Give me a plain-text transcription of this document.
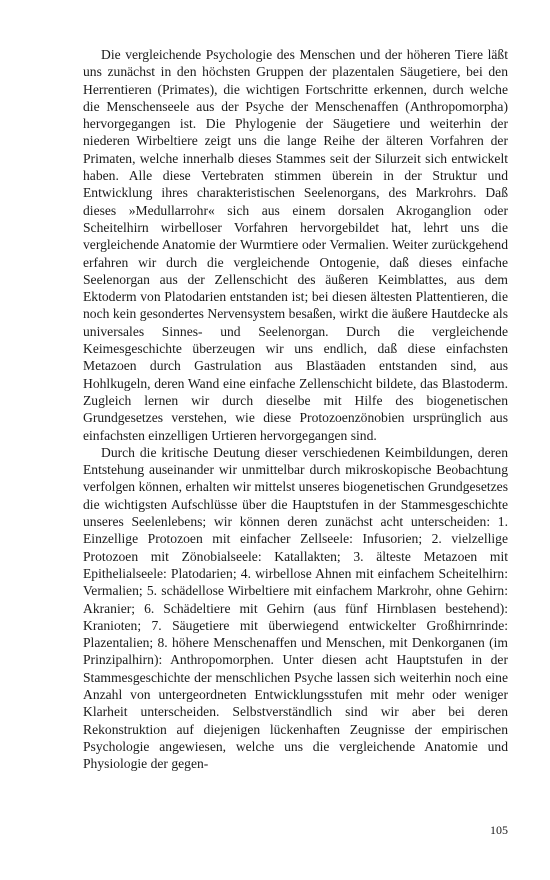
Die vergleichende Psychologie des Menschen und der höheren Tiere läßt uns zunächst in den höchsten Gruppen der plazentalen Säugetiere, bei den Herrentieren (Primates), die wichtigen Fortschritte erkennen, durch welche die Menschenseele aus der Psyche der Menschenaffen (Anthropomorpha) hervorgegangen ist. Die Phylogenie der Säugetiere und weiterhin der niederen Wirbeltiere zeigt uns die lange Reihe der älteren Vorfahren der Primaten, welche innerhalb dieses Stammes seit der Silurzeit sich entwickelt haben. Alle diese Vertebraten stimmen überein in der Struktur und Entwicklung ihres charakteristischen Seelenorgans, des Markrohrs. Daß dieses »Medullarrohr« sich aus einem dorsalen Akroganglion oder Scheitelhirn wirbelloser Vorfahren hervorgebildet hat, lehrt uns die vergleichende Anatomie der Wurmtiere oder Vermalien. Weiter zurückgehend erfahren wir durch die vergleichende Ontogenie, daß dieses einfache Seelenorgan aus der Zellenschicht des äußeren Keimblattes, aus dem Ektoderm von Platodarien entstanden ist; bei diesen ältesten Plattentieren, die noch kein gesondertes Nervensystem besaßen, wirkt die äußere Hautdecke als universales Sinnes- und Seelenorgan. Durch die vergleichende Keimesgeschichte überzeugen wir uns endlich, daß diese einfachsten Metazoen durch Gastrulation aus Blastäaden entstanden sind, aus Hohlkugeln, deren Wand eine einfache Zellenschicht bildete, das Blastoderm. Zugleich lernen wir durch dieselbe mit Hilfe des biogenetischen Grundgesetzes verstehen, wie diese Protozoenzönobien ursprünglich aus einfachsten einzelligen Urtieren hervorgegangen sind.

Durch die kritische Deutung dieser verschiedenen Keimbildungen, deren Entstehung auseinander wir unmittelbar durch mikroskopische Beobachtung verfolgen können, erhalten wir mittelst unseres biogenetischen Grundgesetzes die wichtigsten Aufschlüsse über die Hauptstufen in der Stammesgeschichte unseres Seelenlebens; wir können deren zunächst acht unterscheiden: 1. Einzellige Protozoen mit einfacher Zellseele: Infusorien; 2. vielzellige Protozoen mit Zönobialseele: Katallakten; 3. älteste Metazoen mit Epithelialseele: Platodarien; 4. wirbellose Ahnen mit einfachem Scheitelhirn: Vermalien; 5. schädellose Wirbeltiere mit einfachem Markrohr, ohne Gehirn: Akranier; 6. Schädeltiere mit Gehirn (aus fünf Hirnblasen bestehend): Kranioten; 7. Säugetiere mit überwiegend entwickelter Großhirnrinde: Plazentalien; 8. höhere Menschenaffen und Menschen, mit Denkorganen (im Prinzipalhirn): Anthropomorphen. Unter diesen acht Hauptstufen in der Stammesgeschichte der menschlichen Psyche lassen sich weiterhin noch eine Anzahl von untergeordneten Entwicklungsstufen mit mehr oder weniger Klarheit unterscheiden. Selbstverständlich sind wir aber bei deren Rekonstruktion auf diejenigen lückenhaften Zeugnisse der empirischen Psychologie angewiesen, welche uns die vergleichende Anatomie und Physiologie der gegen-

105
